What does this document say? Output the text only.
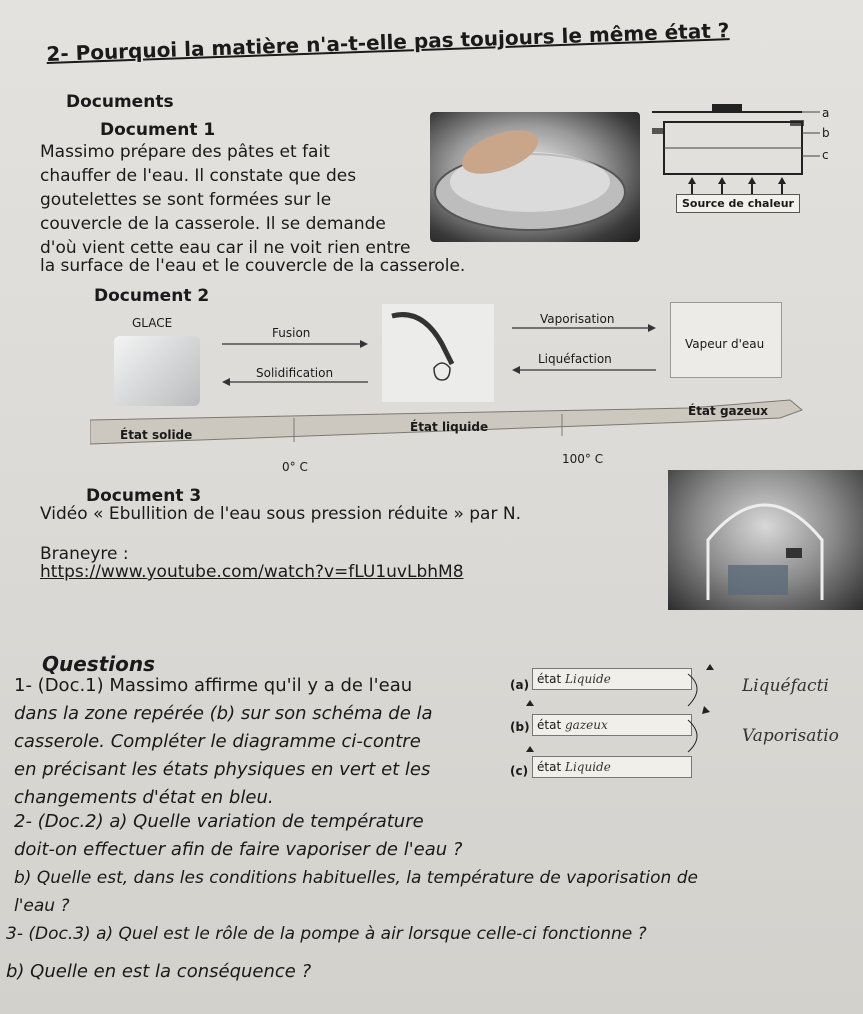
2- Pourquoi la matière n'a-t-elle pas toujours le même état ?
Documents
Document 1
Massimo prépare des pâtes et fait
chauffer de l'eau. Il constate que des
goutelettes se sont formées sur le
couvercle de la casserole. Il se demande
d'où vient cette eau car il ne voit rien entre
la surface de l'eau et le couvercle de la casserole.
a
b
c
Source de chaleur
Document 2
GLACE
Fusion
Solidification
Vaporisation
Liquéfaction
Vapeur d'eau
État solide
État liquide
État gazeux
0° C
100° C
Document 3
Vidéo « Ebullition de l'eau sous pression réduite » par N.
Braneyre :
https://www.youtube.com/watch?v=fLU1uvLbhM8
Questions
1- (Doc.1) Massimo affirme qu'il y a de l'eau
dans la zone repérée (b) sur son schéma de la
casserole. Compléter le diagramme ci-contre
en précisant les états physiques en vert et les
changements d'état en bleu.
(a) état Liquide
(b) état gazeux
(c) état Liquide
Liquéfacti
Vaporisatio
2- (Doc.2) a) Quelle variation de température
doit-on effectuer afin de faire vaporiser de l'eau ?
b) Quelle est, dans les conditions habituelles, la température de vaporisation de
l'eau ?
3- (Doc.3) a) Quel est le rôle de la pompe à air lorsque celle-ci fonctionne ?
b) Quelle en est la conséquence ?
